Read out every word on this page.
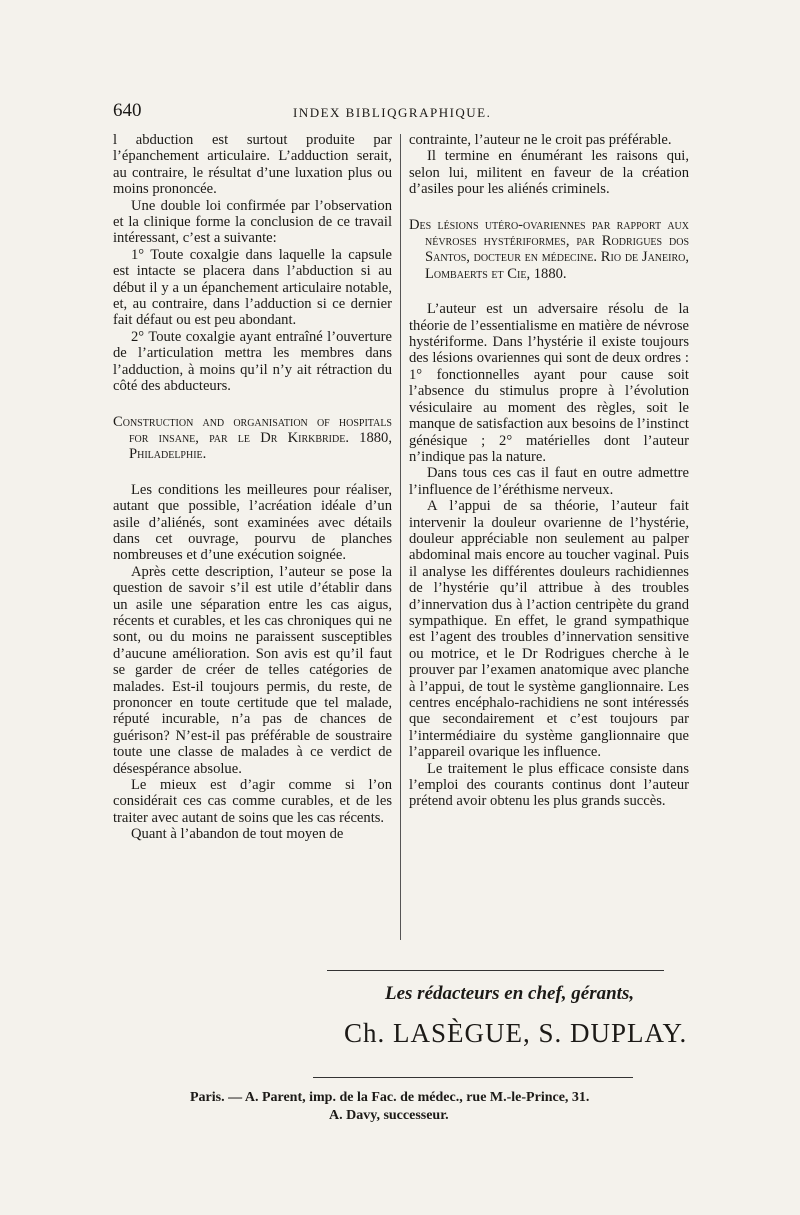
640	INDEX BIBLIQGRAPHIQUE.

l abduction est surtout produite par l’épanchement articulaire. L’adduction serait, au contraire, le résultat d’une luxation plus ou moins prononcée.

Une double loi confirmée par l’observation et la clinique forme la conclusion de ce travail intéressant, c’est a suivante:

1° Toute coxalgie dans laquelle la capsule est intacte se placera dans l’abduction si au début il y a un épanchement articulaire notable, et, au contraire, dans l’adduction si ce dernier fait défaut ou est peu abondant.

2° Toute coxalgie ayant entraîné l’ouverture de l’articulation mettra les membres dans l’adduction, à moins qu’il n’y ait rétraction du côté des abducteurs.

Construction and organisation of hospitals for insane, par le Dr Kirkbride. 1880, Philadelphie.

Les conditions les meilleures pour réaliser, autant que possible, l’acréation idéale d’un asile d’aliénés, sont examinées avec détails dans cet ouvrage, pourvu de planches nombreuses et d’une exécution soignée.

Après cette description, l’auteur se pose la question de savoir s’il est utile d’établir dans un asile une séparation entre les cas aigus, récents et curables, et les cas chroniques qui ne sont, ou du moins ne paraissent susceptibles d’aucune amélioration. Son avis est qu’il faut se garder de créer de telles catégories de malades. Est-il toujours permis, du reste, de prononcer en toute certitude que tel malade, réputé incurable, n’a pas de chances de guérison? N’est-il pas préférable de soustraire toute une classe de malades à ce verdict de désespérance absolue.

Le mieux est d’agir comme si l’on considérait ces cas comme curables, et de les traiter avec autant de soins que les cas récents.

Quant à l’abandon de tout moyen de

contrainte, l’auteur ne le croit pas préférable.

Il termine en énumérant les raisons qui, selon lui, militent en faveur de la création d’asiles pour les aliénés criminels.

Des lésions utéro-ovariennes par rapport aux névroses hystériformes, par Rodrigues dos Santos, docteur en médecine. Rio de Janeiro, Lombaerts et Cie, 1880.

L’auteur est un adversaire résolu de la théorie de l’essentialisme en matière de névrose hystériforme. Dans l’hystérie il existe toujours des lésions ovariennes qui sont de deux ordres : 1° fonctionnelles ayant pour cause soit l’absence du stimulus propre à l’évolution vésiculaire au moment des règles, soit le manque de satisfaction aux besoins de l’instinct génésique ; 2° matérielles dont l’auteur n’indique pas la nature.

Dans tous ces cas il faut en outre admettre l’influence de l’éréthisme nerveux.

A l’appui de sa théorie, l’auteur fait intervenir la douleur ovarienne de l’hystérie, douleur appréciable non seulement au palper abdominal mais encore au toucher vaginal. Puis il analyse les différentes douleurs rachidiennes de l’hystérie qu’il attribue à des troubles d’innervation dus à l’action centripète du grand sympathique. En effet, le grand sympathique est l’agent des troubles d’innervation sensitive ou motrice, et le Dr Rodrigues cherche à le prouver par l’examen anatomique avec planche à l’appui, de tout le système ganglionnaire. Les centres encéphalo-rachidiens ne sont intéressés que secondairement et c’est toujours par l’intermédiaire du système ganglionnaire que l’appareil ovarique les influence.

Le traitement le plus efficace consiste dans l’emploi des courants continus dont l’auteur prétend avoir obtenu les plus grands succès.

Les rédacteurs en chef, gérants,
Ch. LASÈGUE, S. DUPLAY.
Paris. — A. Parent, imp. de la Fac. de médec., rue M.-le-Prince, 31.
A. Davy, successeur.
